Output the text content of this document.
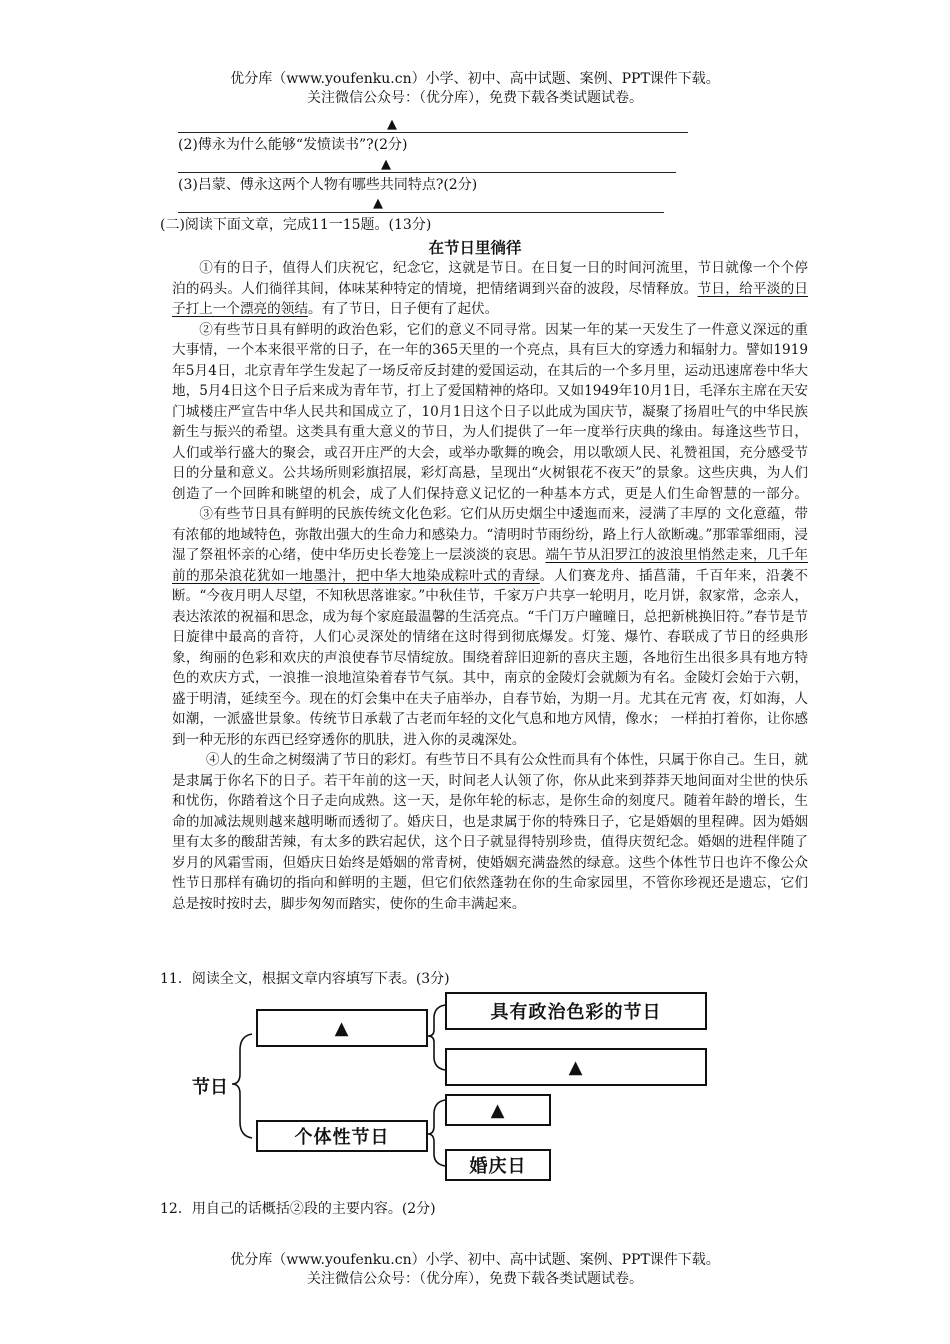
优分库（www.youfenku.cn）小学、初中、高中试题、案例、PPT课件下载。
关注微信公众号：（优分库），免费下载各类试题试卷。
▲
(2)傅永为什么能够“发愤读书”?(2分)
▲
(3)吕蒙、傅永这两个人物有哪些共同特点?(2分)
▲
(二)阅读下面文章，完成11一15题。(13分)
在节日里徜徉

①有的日子，值得人们庆祝它，纪念它，这就是节日。在日复一日的时间河流里，节日就像一个个停泊的码头。人们徜徉其间，体味某种特定的情境，把情绪调到兴奋的波段，尽情释放。节日，给平淡的日子打上一个漂亮的领结。有了节日，日子便有了起伏。

②有些节日具有鲜明的政治色彩，它们的意义不同寻常。因某一年的某一天发生了一件意义深远的重大事情，一个本来很平常的日子，在一年的365天里的一个亮点，具有巨大的穿透力和辐射力。譬如1919年5月4日，北京青年学生发起了一场反帝反封建的爱国运动，在其后的一个多月里，运动迅速席卷中华大地，5月4日这个日子后来成为青年节，打上了爱国精神的烙印。又如1949年10月1日，毛泽东主席在天安门城楼庄严宣告中华人民共和国成立了，10月1日这个日子以此成为国庆节，凝聚了扬眉吐气的中华民族新生与振兴的希望。这类具有重大意义的节日，为人们提供了一年一度举行庆典的缘由。每逢这些节日，人们或举行盛大的聚会，或召开庄严的大会，或举办歌舞的晚会，用以歌颂人民、礼赞祖国，充分感受节日的分量和意义。公共场所则彩旗招展，彩灯高悬，呈现出“火树银花不夜天”的景象。这些庆典，为人们创造了一个回眸和眺望的机会，成了人们保持意义记忆的一种基本方式，更是人们生命智慧的一部分。③有些节日具有鲜明的民族传统文化色彩。它们从历史烟尘中逶迤而来，浸满了丰厚的 文化意蕴，带有浓郁的地域特色，弥散出强大的生命力和感染力。“清明时节雨纷纷，路上行人欲断魂。”那霏霏细雨，浸湿了祭祖怀亲的心绪，使中华历史长卷笼上一层淡淡的哀思。端午节从汨罗江的波浪里悄然走来，几千年前的那朵浪花犹如一地墨汁，把中华大地染成粽叶式的青绿。人们赛龙舟、插菖蒲，千百年来，沿袭不断。“今夜月明人尽望，不知秋思落谁家。”中秋佳节，千家万户共享一轮明月，吃月饼，叙家常，念亲人，表达浓浓的祝福和思念，成为每个家庭最温馨的生活亮点。“千门万户曈曈日，总把新桃换旧符。”春节是节日旋律中最高的音符，人们心灵深处的情绪在这时得到彻底爆发。灯笼、爆竹、春联成了节日的经典形象，绚丽的色彩和欢庆的声浪使春节尽情绽放。围绕着辞旧迎新的喜庆主题，各地衍生出很多具有地方特色的欢庆方式，一浪推一浪地渲染着春节气氛。其中，南京的金陵灯会就颇为有名。金陵灯会始于六朝，盛于明清，延续至今。现在的灯会集中在夫子庙举办，自春节始，为期一月。尤其在元宵 夜，灯如海，人如潮，一派盛世景象。传统节日承载了古老而年轻的文化气息和地方风情，像水； 一样拍打着你，让你感到一种无形的东西已经穿透你的肌肤，进入你的灵魂深处。

④人的生命之树缀满了节日的彩灯。有些节日不具有公众性而具有个体性，只属于你自己。生日，就是隶属于你名下的日子。若干年前的这一天，时间老人认领了你，你从此来到莽莽天地间面对尘世的快乐和忧伤，你踏着这个日子走向成熟。这一天，是你年轮的标志，是你生命的刻度尺。随着年龄的增长，生命的加减法规则越来越明晰而透彻了。婚庆日，也是隶属于你的特殊日子，它是婚姻的里程碑。因为婚姻里有太多的酸甜苦辣，有太多的跌宕起伏，这个日子就显得特别珍贵，值得庆贺纪念。婚姻的进程伴随了岁月的风霜雪雨，但婚庆日始终是婚姻的常青树，使婚姻充满盎然的绿意。这些个体性节日也许不像公众性节日那样有确切的指向和鲜明的主题，但它们依然蓬勃在你的生命家园里，不管你珍视还是遗忘，它们总是按时按时去，脚步匆匆而踏实，使你的生命丰满起来。

11．阅读全文，根据文章内容填写下表。(3分)
节日
▲
个体性节日
具有政治色彩的节日
▲
▲
婚庆日
12．用自己的话概括②段的主要内容。(2分)
优分库（www.youfenku.cn）小学、初中、高中试题、案例、PPT课件下载。
关注微信公众号：（优分库），免费下载各类试题试卷。
